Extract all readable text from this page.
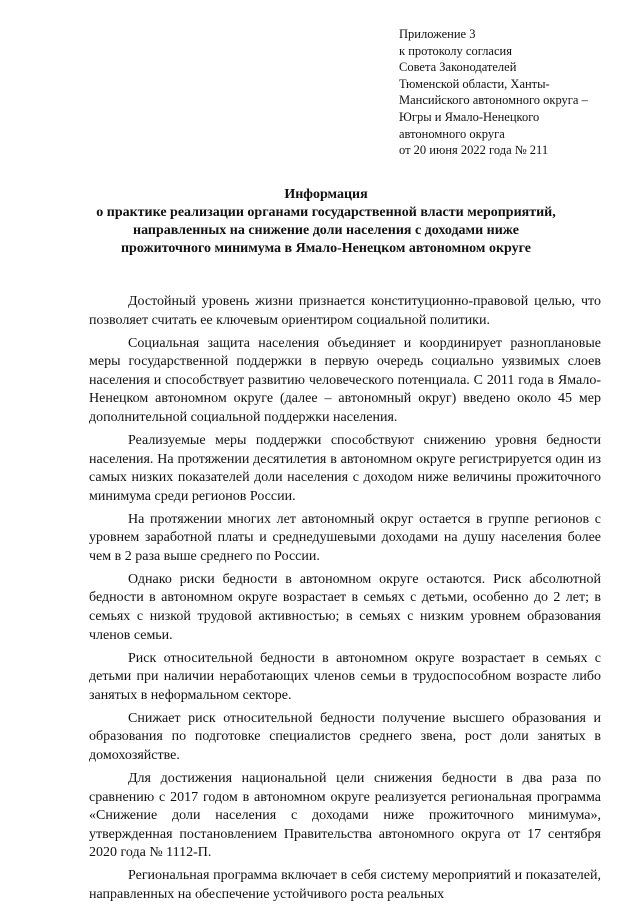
Приложение 3
к протоколу согласия
Совета Законодателей
Тюменской области, Ханты-
Мансийского автономного округа –
Югры и Ямало-Ненецкого
автономного округа
от 20 июня 2022 года № 211
Информация
о практике реализации органами государственной власти мероприятий,
направленных на снижение доли населения с доходами ниже
прожиточного минимума в Ямало-Ненецком автономном округе

Достойный уровень жизни признается конституционно-правовой целью, что позволяет считать ее ключевым ориентиром социальной политики.

Социальная защита населения объединяет и координирует разноплановые меры государственной поддержки в первую очередь социально уязвимых слоев населения и способствует развитию человеческого потенциала. С 2011 года в Ямало-Ненецком автономном округе (далее – автономный округ) введено около 45 мер дополнительной социальной поддержки населения.

Реализуемые меры поддержки способствуют снижению уровня бедности населения. На протяжении десятилетия в автономном округе регистрируется один из самых низких показателей доли населения с доходом ниже величины прожиточного минимума среди регионов России.

На протяжении многих лет автономный округ остается в группе регионов с уровнем заработной платы и среднедушевыми доходами на душу населения более чем в 2 раза выше среднего по России.

Однако риски бедности в автономном округе остаются. Риск абсолютной бедности в автономном округе возрастает в семьях с детьми, особенно до 2 лет; в семьях с низкой трудовой активностью; в семьях с низким уровнем образования членов семьи.

Риск относительной бедности в автономном округе возрастает в семьях с детьми при наличии неработающих членов семьи в трудоспособном возрасте либо занятых в неформальном секторе.

Снижает риск относительной бедности получение высшего образования и образования по подготовке специалистов среднего звена, рост доли занятых в домохозяйстве.

Для достижения национальной цели снижения бедности в два раза по сравнению с 2017 годом в автономном округе реализуется региональная программа «Снижение доли населения с доходами ниже прожиточного минимума», утвержденная постановлением Правительства автономного округа от 17 сентября 2020 года № 1112-П.

Региональная программа включает в себя систему мероприятий и показателей, направленных на обеспечение устойчивого роста реальных
